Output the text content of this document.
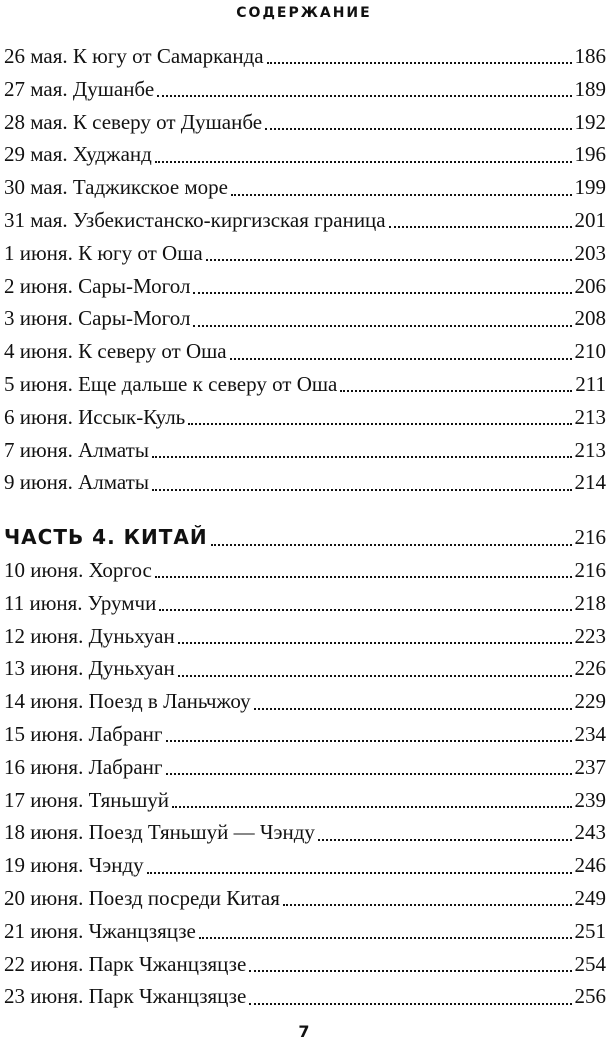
СОДЕРЖАНИЕ
26 мая. К югу от Самарканда	186
27 мая. Душанбе	189
28 мая. К северу от Душанбе	192
29 мая. Худжанд	196
30 мая. Таджикское море	199
31 мая. Узбекистанско-киргизская граница	201
1 июня. К югу от Оша	203
2 июня. Сары-Могол	206
3 июня. Сары-Могол	208
4 июня. К северу от Оша	210
5 июня. Еще дальше к северу от Оша	211
6 июня. Иссык-Куль	213
7 июня. Алматы	213
9 июня. Алматы	214
ЧАСТЬ 4. КИТАЙ	216
10 июня. Хоргос	216
11 июня. Урумчи	218
12 июня. Дуньхуан	223
13 июня. Дуньхуан	226
14 июня. Поезд в Ланьчжоу	229
15 июня. Лабранг	234
16 июня. Лабранг	237
17 июня. Тяньшуй	239
18 июня. Поезд Тяньшуй — Чэнду	243
19 июня. Чэнду	246
20 июня. Поезд посреди Китая	249
21 июня. Чжанцзяцзе	251
22 июня. Парк Чжанцзяцзе	254
23 июня. Парк Чжанцзяцзе	256
7
